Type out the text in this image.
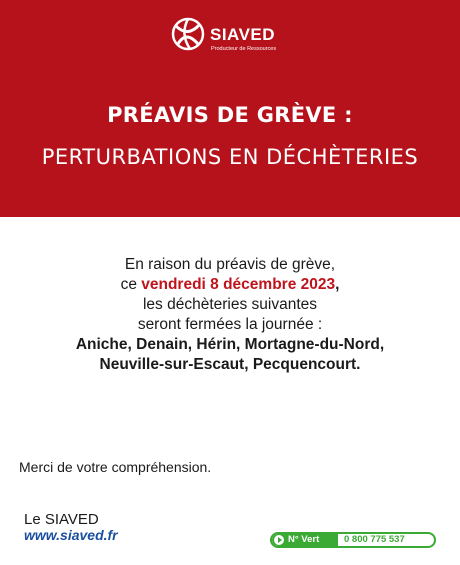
SIAVED
Producteur de Ressources
PRÉAVIS DE GRÈVE :
PERTURBATIONS EN DÉCHÈTERIES
En raison du préavis de grève,
ce vendredi 8 décembre 2023,
les déchèteries suivantes
seront fermées la journée :
Aniche, Denain, Hérin, Mortagne-du-Nord,
Neuville-sur-Escaut, Pecquencourt.
Merci de votre compréhension.
Le SIAVED
www.siaved.fr	N° Vert	0 800 775 537
